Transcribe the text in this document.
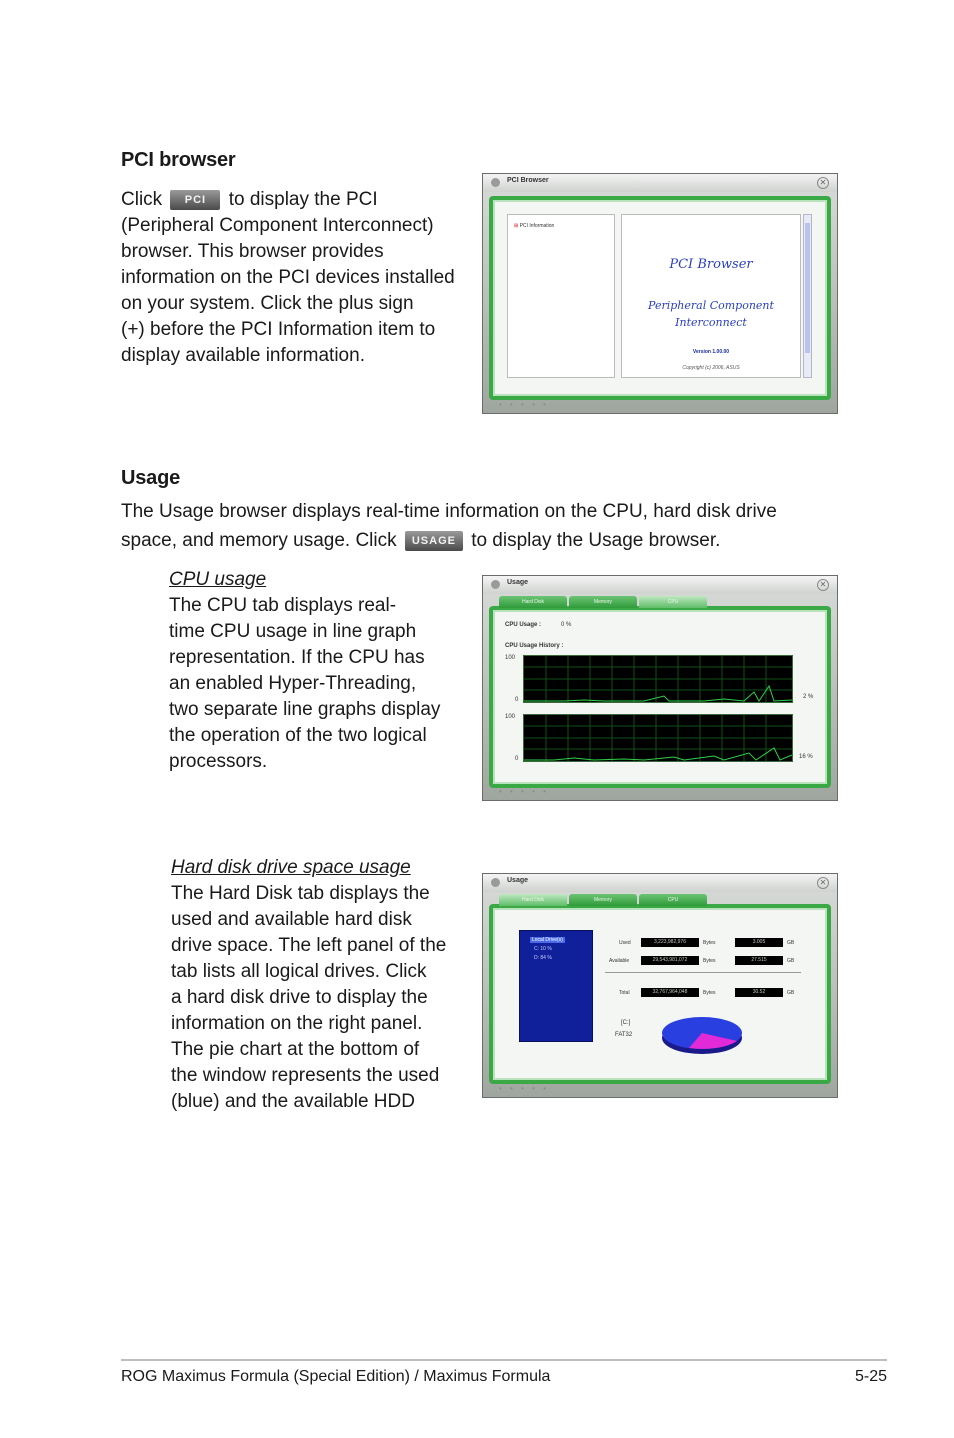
PCI browser

Click PCI to display the PCI

(Peripheral Component Interconnect)

browser. This browser provides

information on the PCI devices installed

on your system. Click the plus sign

(+) before the PCI Information item to

display available information.

PCI Browser	✕
⊞ PCI Information
PCI Browser
Peripheral Component
Interconnect
Version 1.00.00
Copyright (c) 2006, ASUS
• • • • •
Usage

The Usage browser displays real-time information on the CPU, hard disk drive

space, and memory usage. Click USAGE to display the Usage browser.

CPU usage

The CPU tab displays real-

time CPU usage in line graph

representation. If the CPU has

an enabled Hyper-Threading,

two separate line graphs display

the operation of the two logical

processors.

Usage	✕
Hard Disk	Memory	CPU
CPU Usage :	0 %
CPU Usage History :
100
0	2 %
100
0	16 %
• • • • •

Hard disk drive space usage

The Hard Disk tab displays the

used and available hard disk

drive space. The left panel of the

tab lists all logical drives. Click

a hard disk drive to display the

information on the right panel.

The pie chart at the bottom of

the window represents the used

(blue) and the available HDD

Usage	✕
Hard Disk	Memory	CPU
Local Drive(s)
C: 10 %
D: 84 %
Used	3,223,982,976	Bytes	3.005	GB
Available	29,543,981,072	Bytes	27.515	GB
Total	32,767,964,048	Bytes	30.52	GB
[C:]
FAT32
• • • • •
ROG Maximus Formula (Special Edition) / Maximus Formula	5-25
